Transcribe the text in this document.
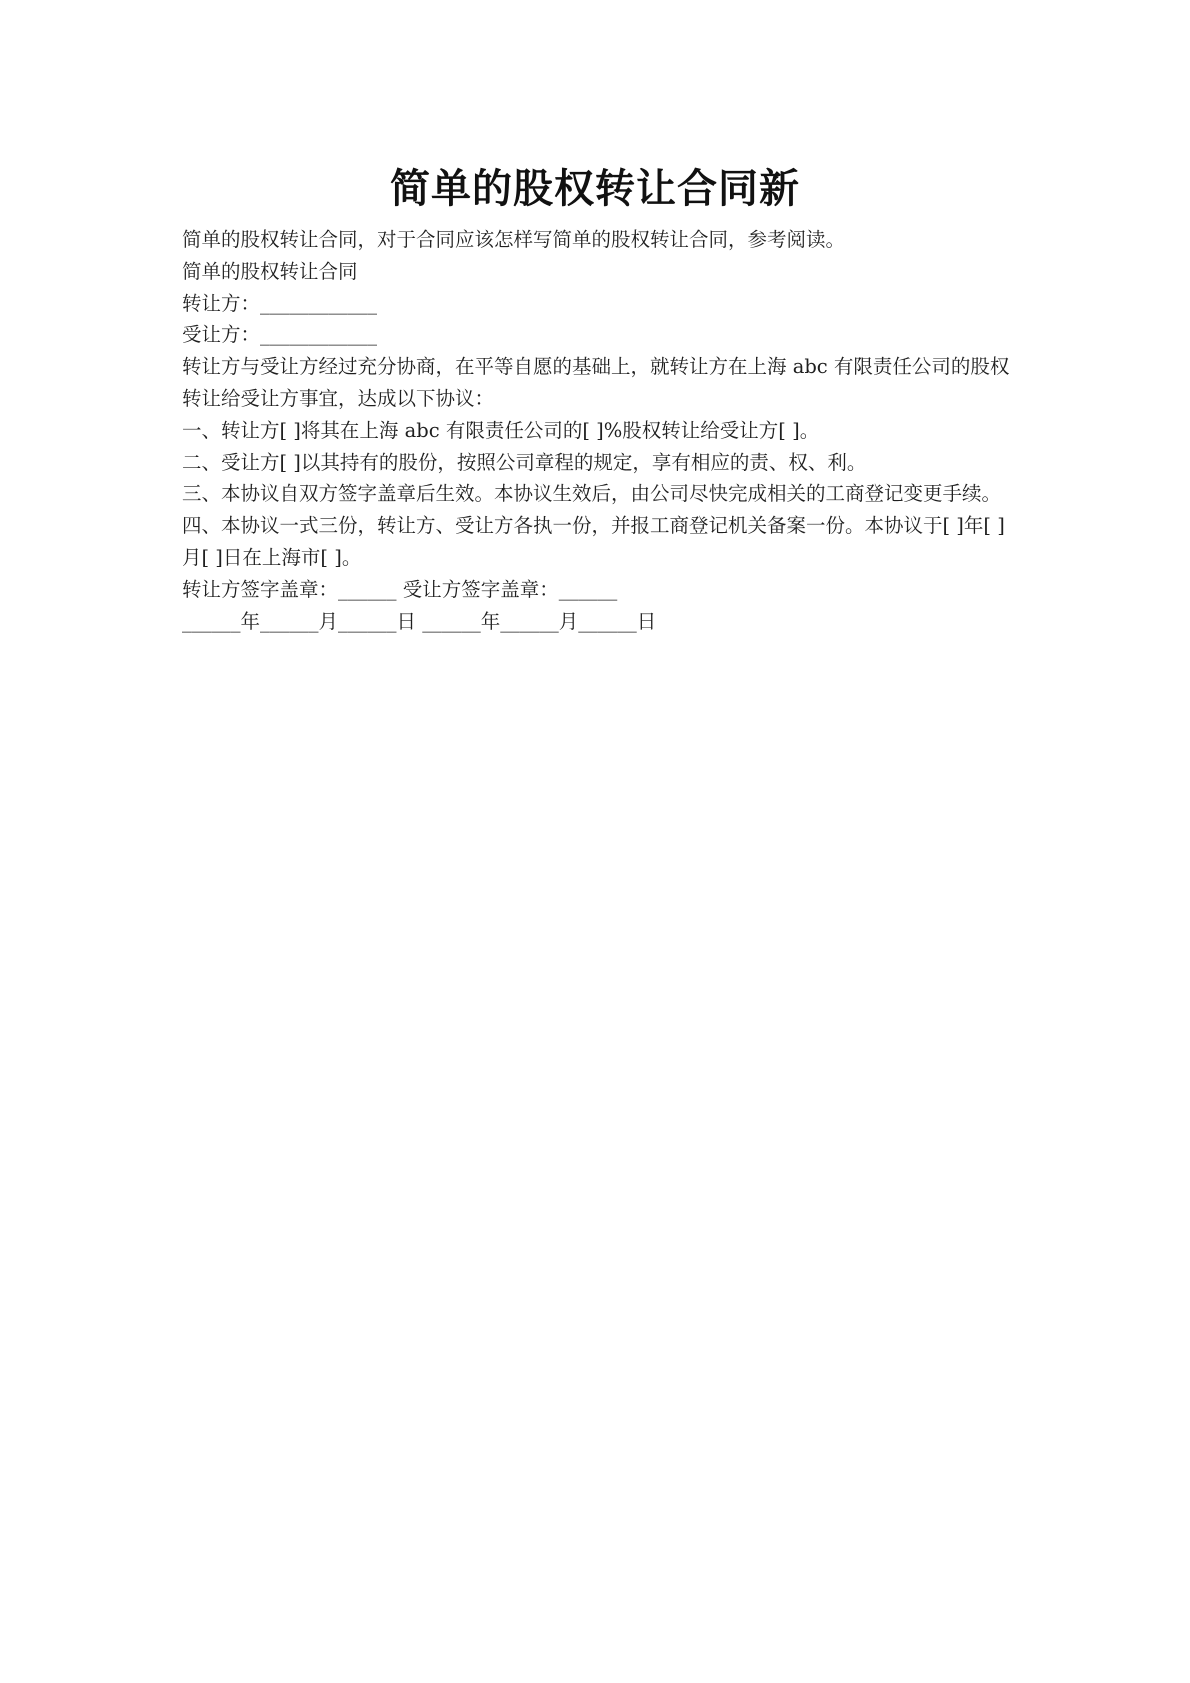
简单的股权转让合同新

简单的股权转让合同，对于合同应该怎样写简单的股权转让合同，参考阅读。

简单的股权转让合同

转让方：____________

受让方：____________

转让方与受让方经过充分协商，在平等自愿的基础上，就转让方在上海 abc 有限责任公司的股权转让给受让方事宜，达成以下协议：

一、转让方[ ]将其在上海 abc 有限责任公司的[ ]%股权转让给受让方[ ]。

二、受让方[ ]以其持有的股份，按照公司章程的规定，享有相应的责、权、利。

三、本协议自双方签字盖章后生效。本协议生效后，由公司尽快完成相关的工商登记变更手续。

四、本协议一式三份，转让方、受让方各执一份，并报工商登记机关备案一份。本协议于[ ]年[ ]月[ ]日在上海市[ ]。

转让方签字盖章：______ 受让方签字盖章：______

______年______月______日 ______年______月______日
